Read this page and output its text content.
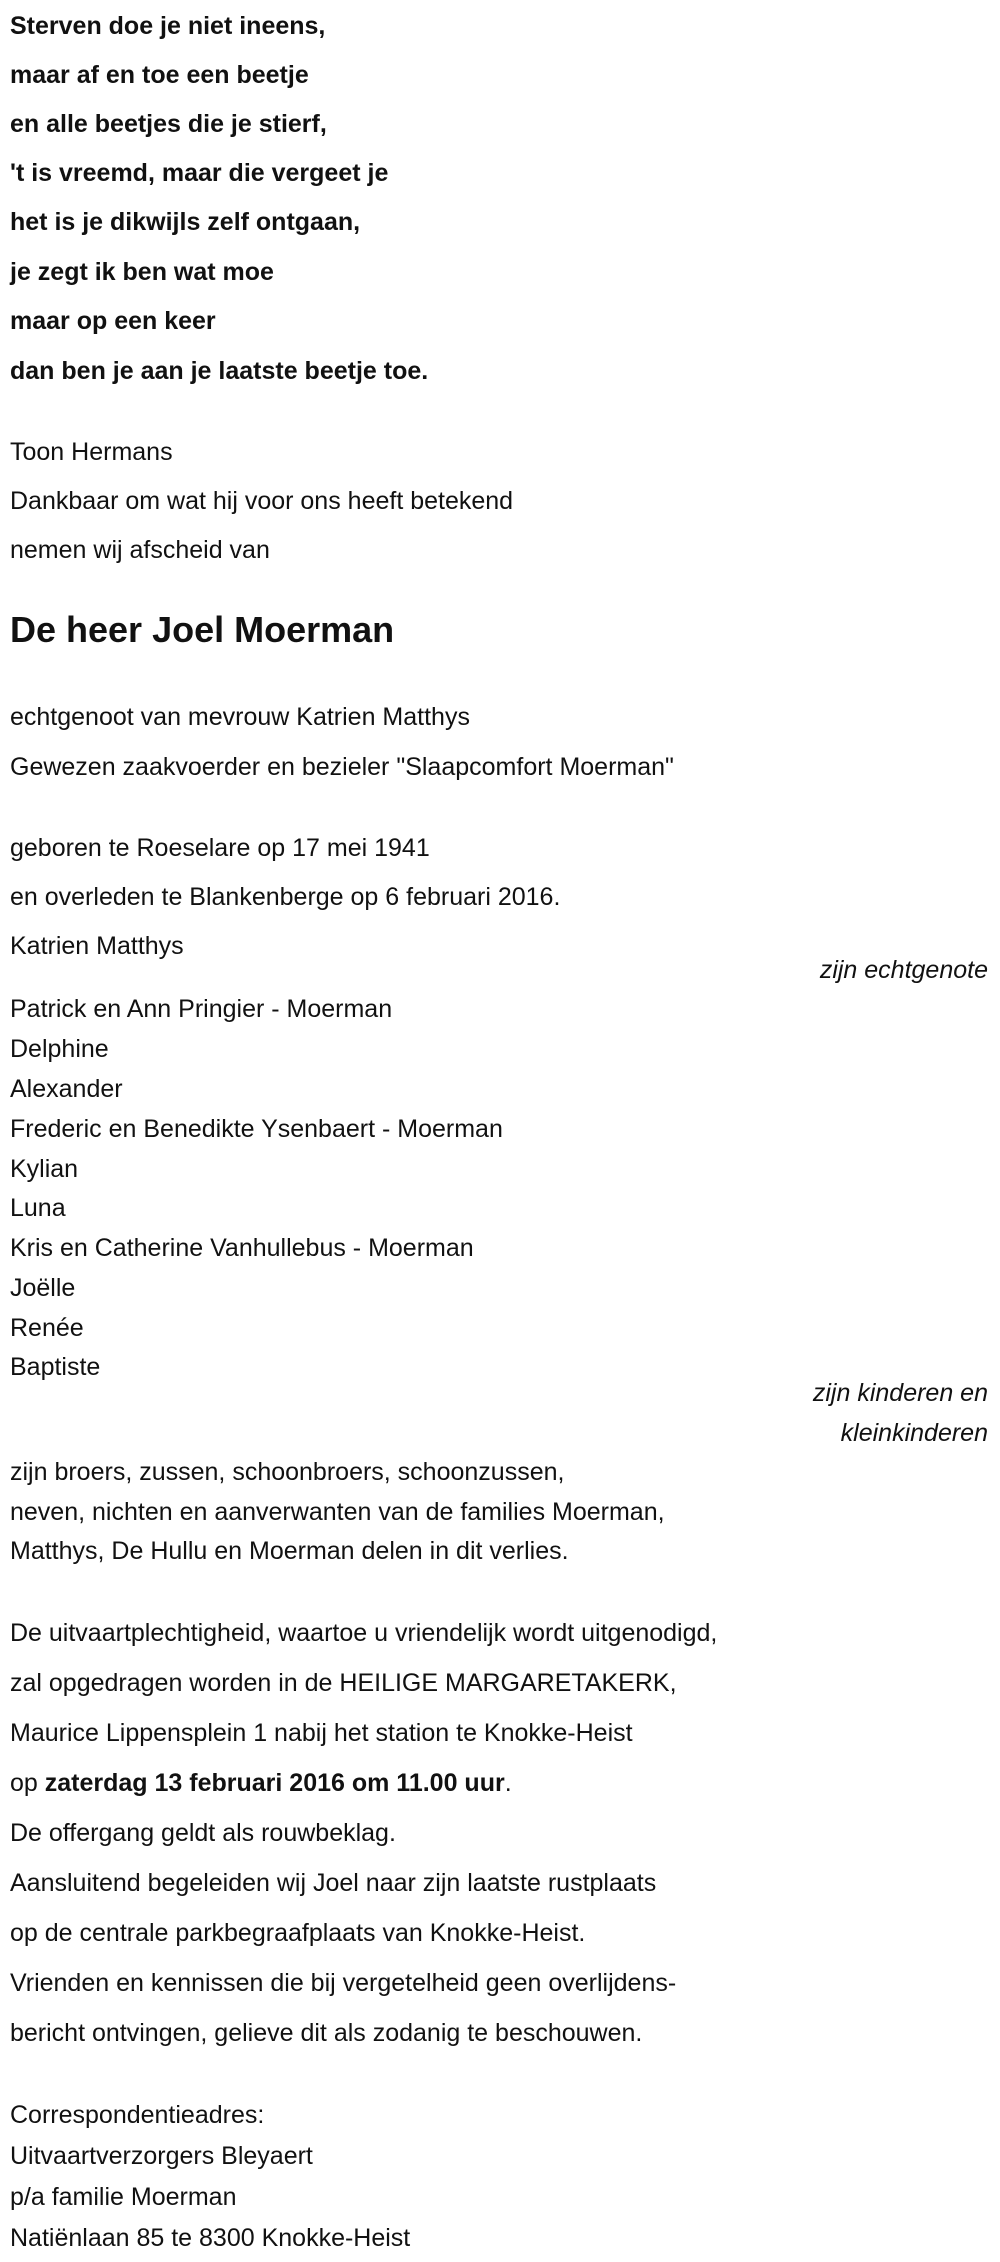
Sterven doe je niet ineens,
maar af en toe een beetje
en alle beetjes die je stierf,
't is vreemd, maar die vergeet je
het is je dikwijls zelf ontgaan,
je zegt ik ben wat moe
maar op een keer
dan ben je aan je laatste beetje toe.
Toon Hermans
Dankbaar om wat hij voor ons heeft betekend
nemen wij afscheid van
De heer Joel Moerman
echtgenoot van mevrouw Katrien Matthys
Gewezen zaakvoerder en bezieler "Slaapcomfort Moerman"
geboren te Roeselare op 17 mei 1941
en overleden te Blankenberge op 6 februari 2016.
Katrien Matthys
zijn echtgenote
Patrick en Ann Pringier - Moerman
Delphine
Alexander
Frederic en Benedikte Ysenbaert - Moerman
Kylian
Luna
Kris en Catherine Vanhullebus - Moerman
Joëlle
Renée
Baptiste
zijn kinderen en
kleinkinderen
zijn broers, zussen, schoonbroers, schoonzussen,
neven, nichten en aanverwanten van de families Moerman,
Matthys, De Hullu en Moerman delen in dit verlies.
De uitvaartplechtigheid, waartoe u vriendelijk wordt uitgenodigd,
zal opgedragen worden in de HEILIGE MARGARETAKERK,
Maurice Lippensplein 1 nabij het station te Knokke-Heist
op zaterdag 13 februari 2016 om 11.00 uur.
De offergang geldt als rouwbeklag.
Aansluitend begeleiden wij Joel naar zijn laatste rustplaats
op de centrale parkbegraafplaats van Knokke-Heist.
Vrienden en kennissen die bij vergetelheid geen overlijdens-
bericht ontvingen, gelieve dit als zodanig te beschouwen.
Correspondentieadres:
Uitvaartverzorgers Bleyaert
p/a familie Moerman
Natiënlaan 85 te 8300 Knokke-Heist
